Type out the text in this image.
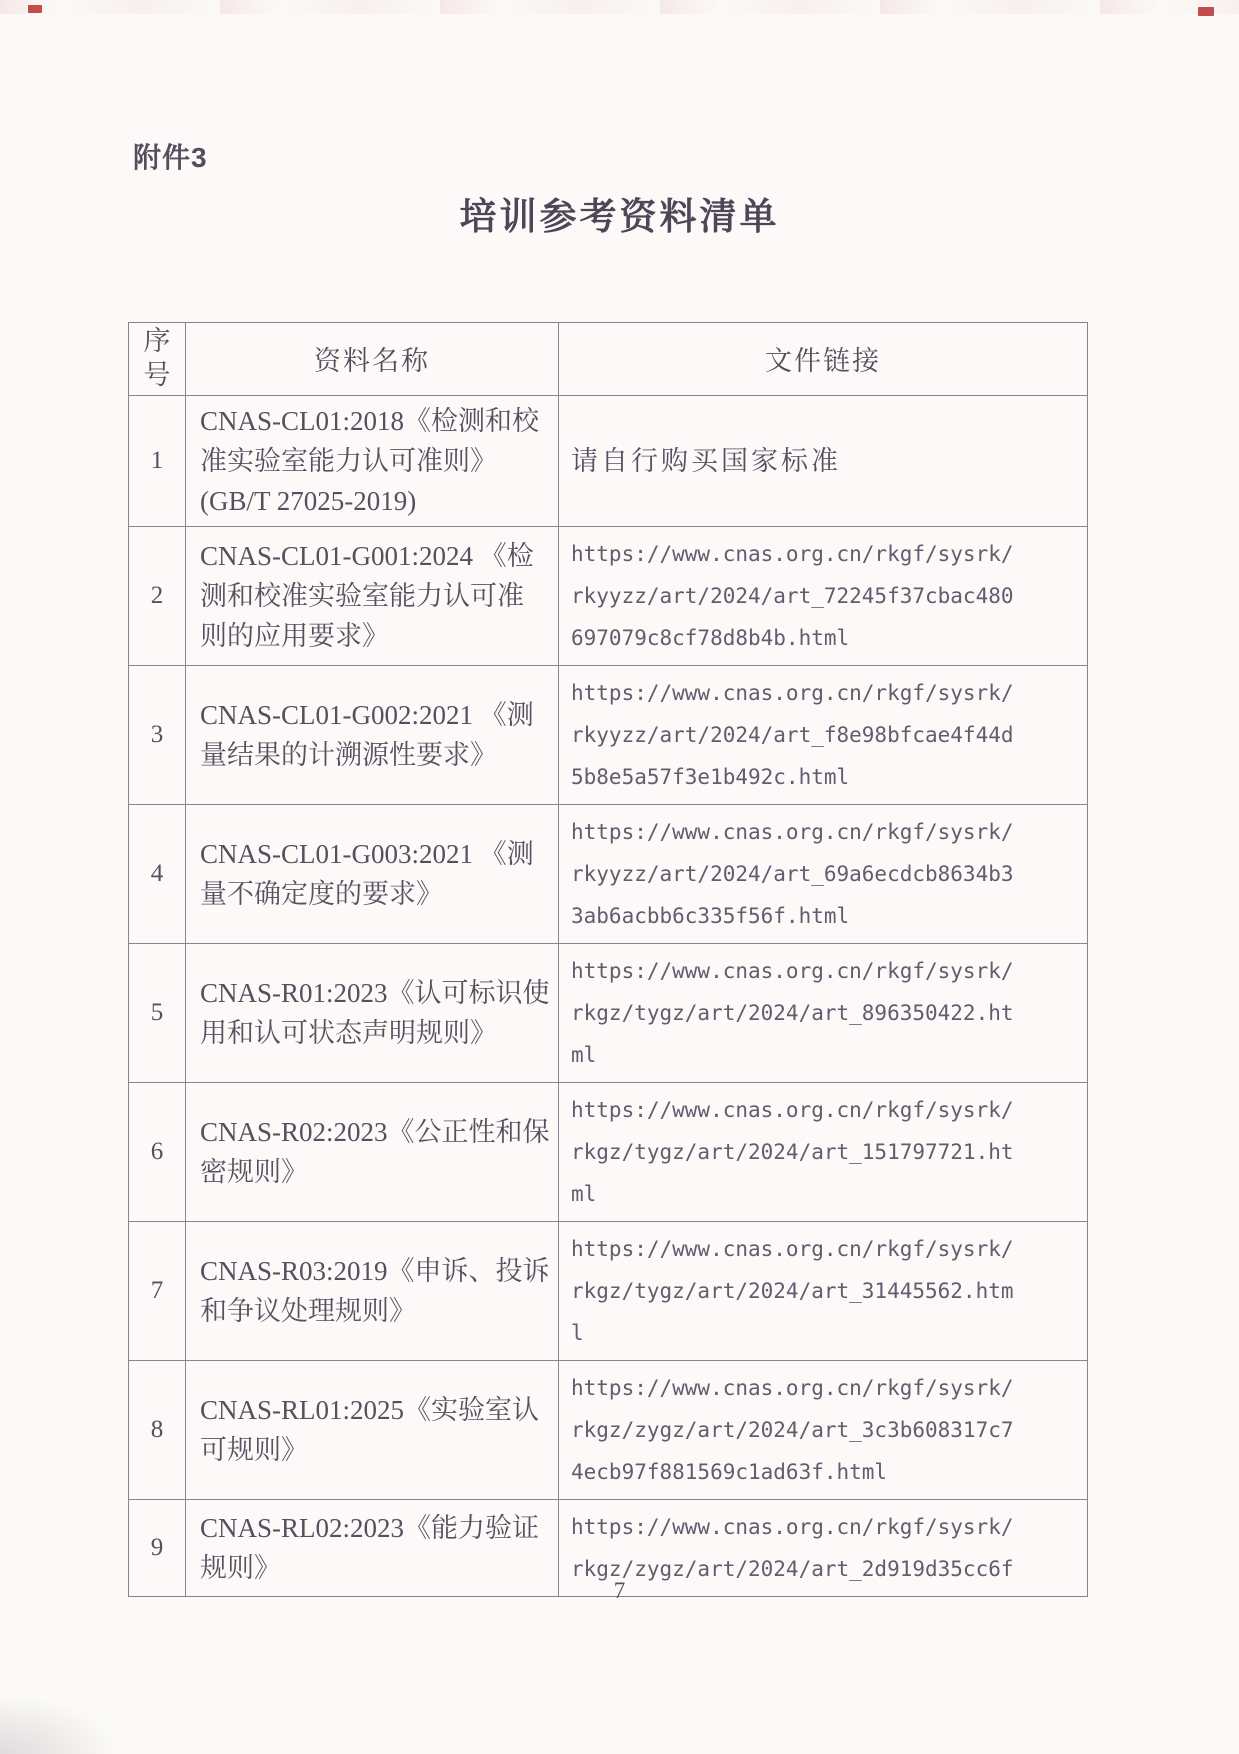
附件3
培训参考资料清单
序号	资料名称	文件链接
1	CNAS-CL01:2018《检测和校准实验室能力认可准则》(GB/T 27025-2019)	请自行购买国家标准

2	CNAS-CL01-G001:2024 《检测和校准实验室能力认可准则的应用要求》	https://www.cnas.org.cn/rkgf/sysrk/rkyyzz/art/2024/art_72245f37cbac480697079c8cf78d8b4b.html

3	CNAS-CL01-G002:2021 《测量结果的计溯源性要求》	https://www.cnas.org.cn/rkgf/sysrk/rkyyzz/art/2024/art_f8e98bfcae4f44d5b8e5a57f3e1b492c.html

4	CNAS-CL01-G003:2021 《测量不确定度的要求》	https://www.cnas.org.cn/rkgf/sysrk/rkyyzz/art/2024/art_69a6ecdcb8634b33ab6acbb6c335f56f.html

5	CNAS-R01:2023《认可标识使用和认可状态声明规则》	https://www.cnas.org.cn/rkgf/sysrk/rkgz/tygz/art/2024/art_896350422.html

6	CNAS-R02:2023《公正性和保密规则》	https://www.cnas.org.cn/rkgf/sysrk/rkgz/tygz/art/2024/art_151797721.html

7	CNAS-R03:2019《申诉、投诉和争议处理规则》	https://www.cnas.org.cn/rkgf/sysrk/rkgz/tygz/art/2024/art_31445562.html

8	CNAS-RL01:2025《实验室认可规则》	https://www.cnas.org.cn/rkgf/sysrk/rkgz/zygz/art/2024/art_3c3b608317c74ecb97f881569c1ad63f.html

9	CNAS-RL02:2023《能力验证规则》	https://www.cnas.org.cn/rkgf/sysrk/rkgz/zygz/art/2024/art_2d919d35cc6f
7
